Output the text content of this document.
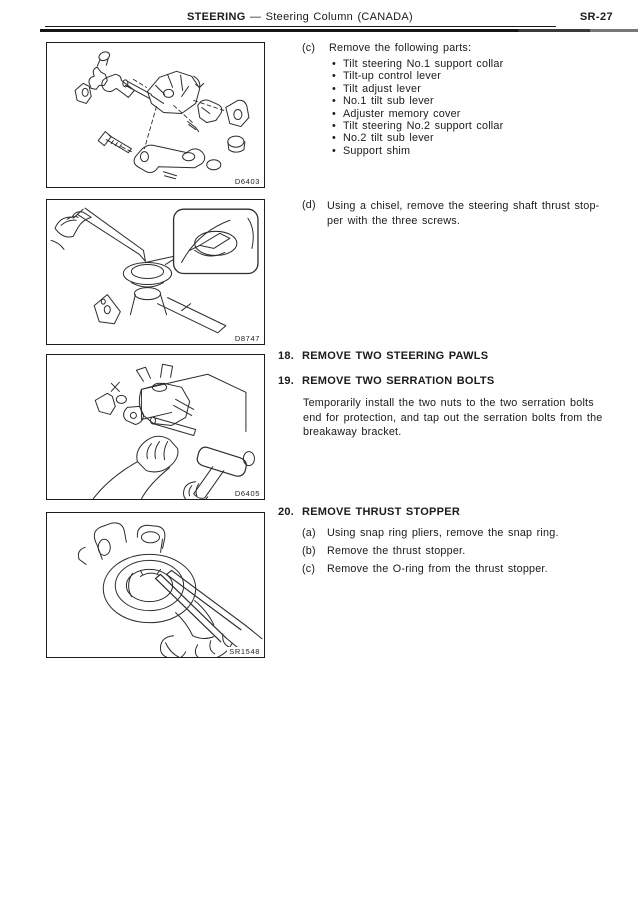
STEERING — Steering Column (CANADA)	SR-27
D6403
D8747
D6405
SR1548
(c)	Remove the following parts:
• Tilt steering No.1 support collar
• Tilt-up control lever
• Tilt adjust lever
• No.1 tilt sub lever
• Adjuster memory cover
• Tilt steering No.2 support collar
• No.2 tilt sub lever
• Support shim
(d)	Using a chisel, remove the steering shaft thrust stop-
per with the three screws.
18. REMOVE TWO STEERING PAWLS
19. REMOVE TWO SERRATION BOLTS
Temporarily install the two nuts to the two serration bolts
end for protection, and tap out the serration bolts from the
breakaway bracket.
20. REMOVE THRUST STOPPER
(a)	Using snap ring pliers, remove the snap ring.
(b)	Remove the thrust stopper.
(c)	Remove the O-ring from the thrust stopper.
